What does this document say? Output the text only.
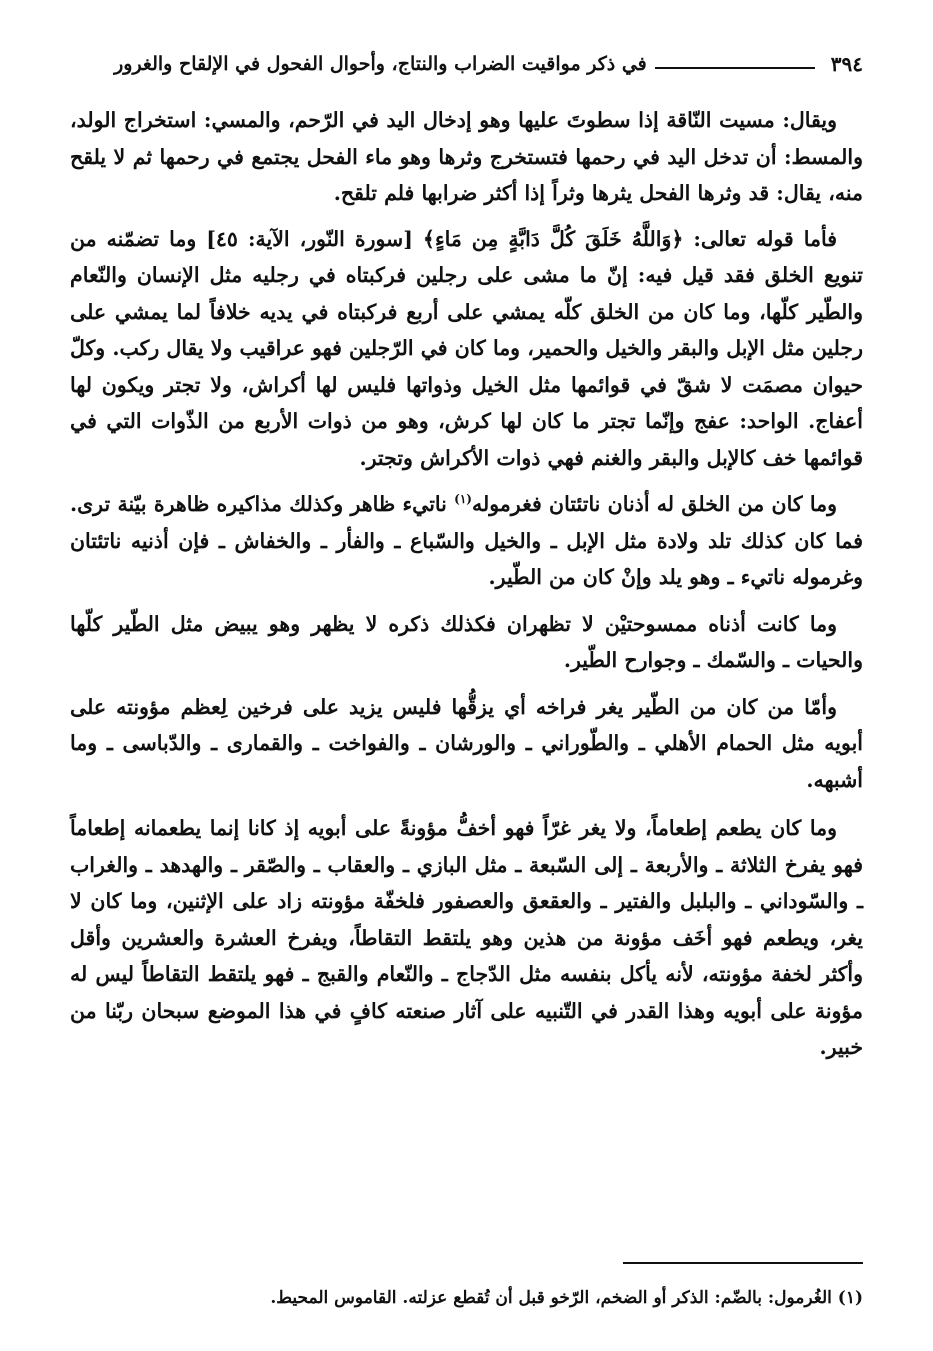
٣٩٤
في ذكر مواقيت الضراب والنتاج، وأحوال الفحول في الإلقاح والغرور

ويقال: مسيت النّاقة إذا سطوتَ عليها وهو إدخال اليد في الرّحم، والمسي: استخراج الولد، والمسط: أن تدخل اليد في رحمها فتستخرج وثرها وهو ماء الفحل يجتمع في رحمها ثم لا يلقح منه، يقال: قد وثرها الفحل يثرها وثراً إذا أكثر ضرابها فلم تلقح.

فأما قوله تعالى: ﴿وَاللَّهُ خَلَقَ كُلَّ دَابَّةٍ مِن مَاءٍ﴾ [سورة النّور، الآية: ٤٥] وما تضمّنه من تنويع الخلق فقد قيل فيه: إنّ ما مشى على رجلين فركبتاه في رجليه مثل الإنسان والنّعام والطّير كلّها، وما كان من الخلق كلّه يمشي على أربع فركبتاه في يديه خلافاً لما يمشي على رجلين مثل الإبل والبقر والخيل والحمير، وما كان في الرّجلين فهو عراقيب ولا يقال ركب. وكلّ حيوان مصمَت لا شقّ في قوائمها مثل الخيل وذواتها فليس لها أكراش، ولا تجتر ويكون لها أعفاج. الواحد: عفج وإنّما تجتر ما كان لها كرش، وهو من ذوات الأربع من الذّوات التي في قوائمها خف كالإبل والبقر والغنم فهي ذوات الأكراش وتجتر.

وما كان من الخلق له أذنان ناتئتان فغرموله$^{(١)}$ ناتيء ظاهر وكذلك مذاكيره ظاهرة بيّنة ترى. فما كان كذلك تلد ولادة مثل الإبل ـ والخيل والسّباع ـ والفأر ـ والخفاش ـ فإن أذنيه ناتئتان وغرموله ناتيء ـ وهو يلد وإنْ كان من الطّير.

وما كانت أذناه ممسوحتيْن لا تظهران فكذلك ذكره لا يظهر وهو يبيض مثل الطّير كلّها والحيات ـ والسّمك ـ وجوارح الطّير.

وأمّا من كان من الطّير يغر فراخه أي يزقُّها فليس يزيد على فرخين لِعظم مؤونته على أبويه مثل الحمام الأهلي ـ والطّوراني ـ والورشان ـ والفواخت ـ والقمارى ـ والدّباسى ـ وما أشبهه.

وما كان يطعم إطعاماً، ولا يغر غرّاً فهو أخفُّ مؤونةً على أبويه إذ كانا إنما يطعمانه إطعاماً فهو يفرخ الثلاثة ـ والأربعة ـ إلى السّبعة ـ مثل البازي ـ والعقاب ـ والصّقر ـ والهدهد ـ والغراب ـ والسّوداني ـ والبلبل والفتير ـ والعقعق والعصفور فلخفّة مؤونته زاد على الإثنين، وما كان لا يغر، ويطعم فهو أخَف مؤونة من هذين وهو يلتقط التقاطاً، ويفرخ العشرة والعشرين وأقل وأكثر لخفة مؤونته، لأنه يأكل بنفسه مثل الدّجاج ـ والنّعام والقبج ـ فهو يلتقط التقاطاً ليس له مؤونة على أبويه وهذا القدر في التّنبيه على آثار صنعته كافٍ في هذا الموضع سبحان ربّنا من خبير.

(١) الغُرمول: بالضّم: الذكر أو الضخم، الرّخو قبل أن تُقطع عزلته. القاموس المحيط.
